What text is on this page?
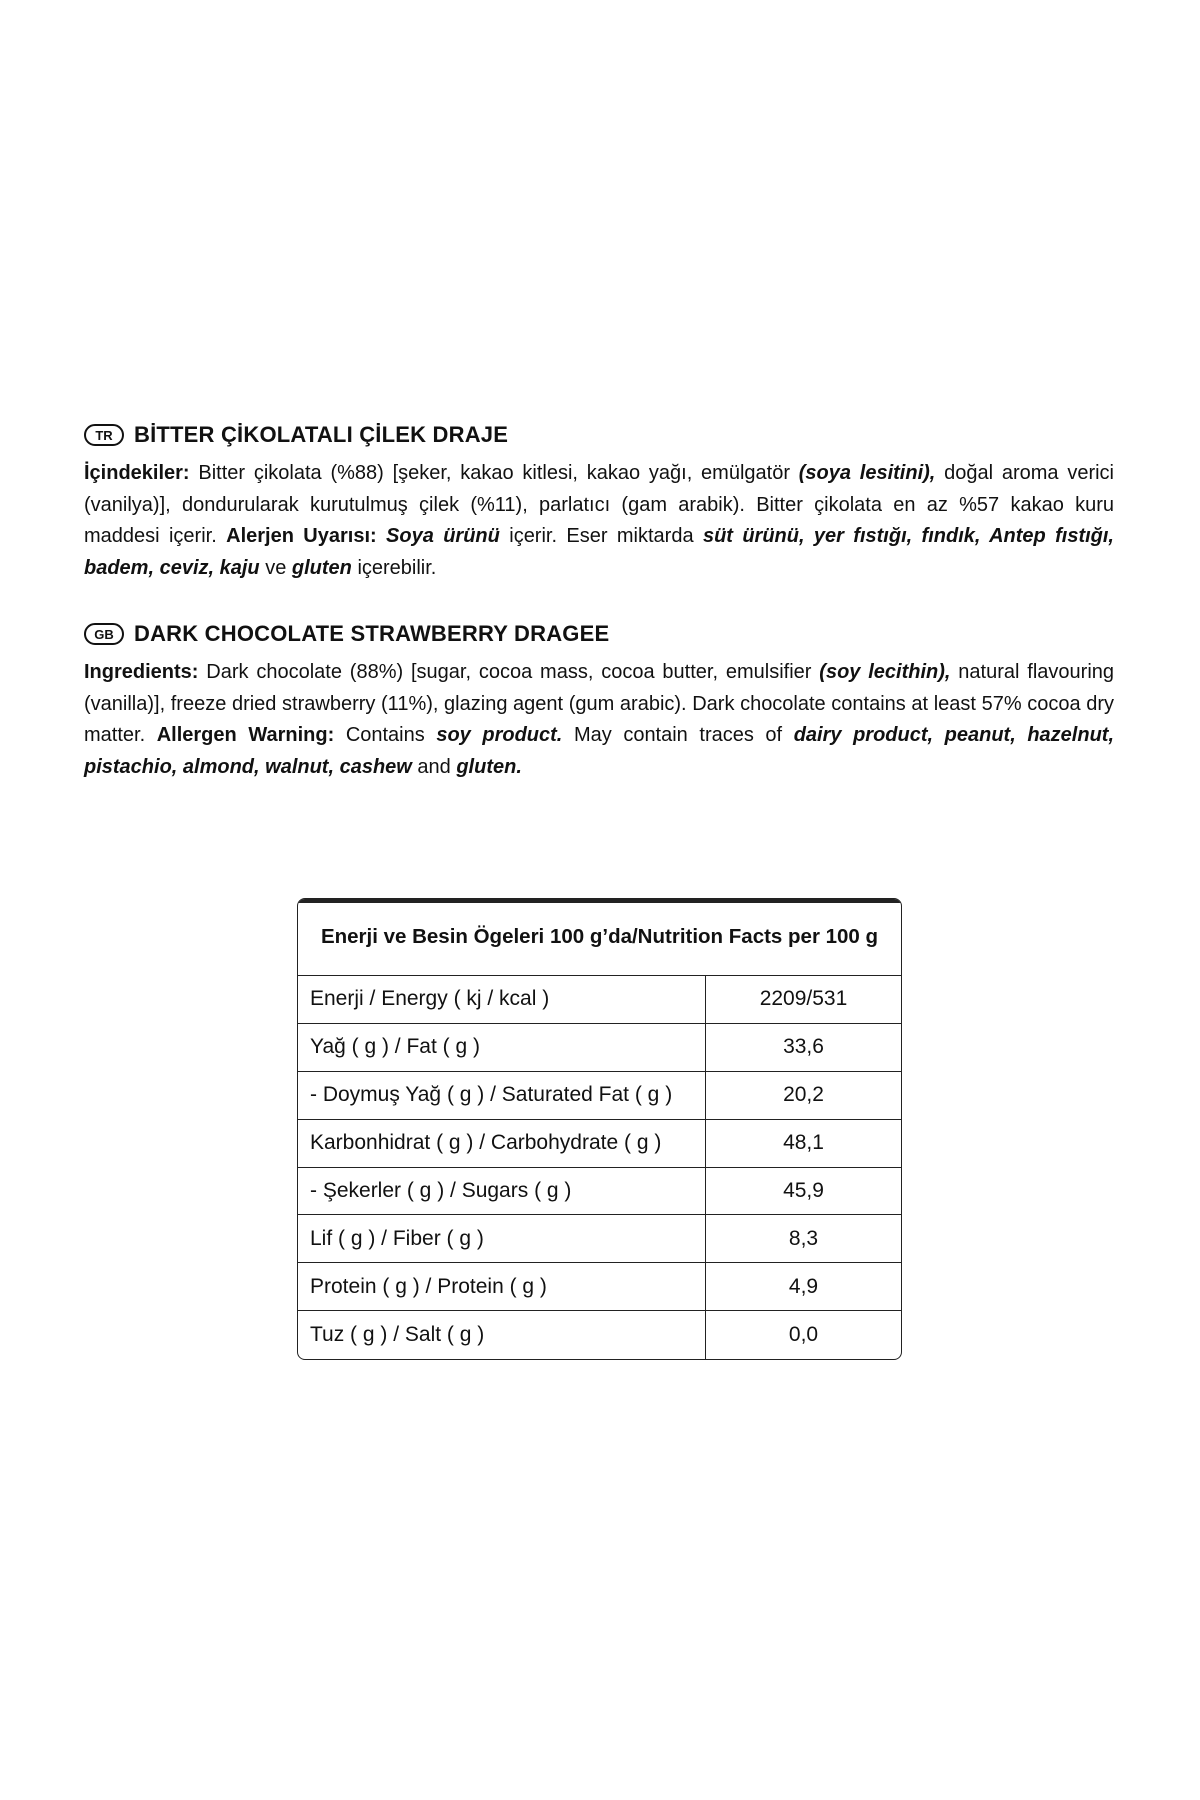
TR BİTTER ÇİKOLATALI ÇİLEK DRAJE

İçindekiler: Bitter çikolata (%88) [şeker, kakao kitlesi, kakao yağı, emülgatör (soya lesitini), doğal aroma verici (vanilya)], dondurularak kurutulmuş çilek (%11), parlatıcı (gam arabik). Bitter çikolata en az %57 kakao kuru maddesi içerir. Alerjen Uyarısı: Soya ürünü içerir. Eser miktarda süt ürünü, yer fıstığı, fındık, Antep fıstığı, badem, ceviz, kaju ve gluten içerebilir.

GB DARK CHOCOLATE STRAWBERRY DRAGEE

Ingredients: Dark chocolate (88%) [sugar, cocoa mass, cocoa butter, emulsifier (soy lecithin), natural flavouring (vanilla)], freeze dried strawberry (11%), glazing agent (gum arabic). Dark chocolate contains at least 57% cocoa dry matter. Allergen Warning: Contains soy product. May contain traces of dairy product, peanut, hazelnut, pistachio, almond, walnut, cashew and gluten.

Enerji ve Besin Ögeleri 100 g’da/Nutrition Facts per 100 g
Enerji / Energy ( kj / kcal )	2209/531
Yağ ( g ) / Fat ( g )	33,6
- Doymuş Yağ ( g ) / Saturated Fat ( g )	20,2
Karbonhidrat ( g ) / Carbohydrate ( g )	48,1
- Şekerler ( g ) / Sugars ( g )	45,9
Lif ( g ) / Fiber ( g )	8,3
Protein ( g ) / Protein ( g )	4,9
Tuz ( g ) / Salt ( g )	0,0
